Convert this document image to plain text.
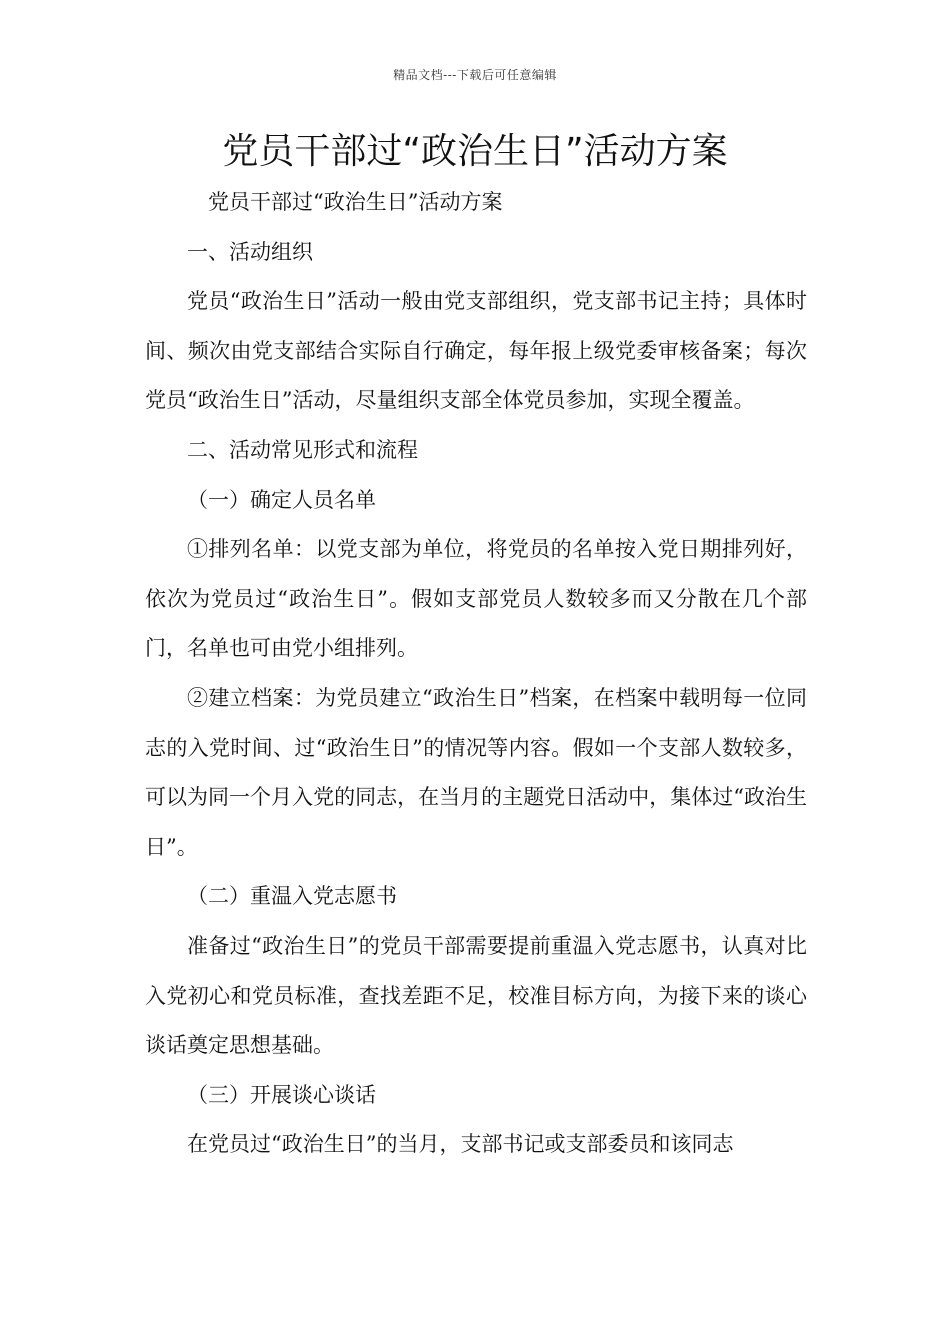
精品文档---下载后可任意编辑
党员干部过“政治生日”活动方案

党员干部过“政治生日”活动方案

一、活动组织

党员“政治生日”活动一般由党支部组织，党支部书记主持；具体时间、频次由党支部结合实际自行确定，每年报上级党委审核备案；每次党员“政治生日”活动，尽量组织支部全体党员参加，实现全覆盖。

二、活动常见形式和流程

（一）确定人员名单

①排列名单：以党支部为单位，将党员的名单按入党日期排列好，依次为党员过“政治生日”。假如支部党员人数较多而又分散在几个部门，名单也可由党小组排列。

②建立档案：为党员建立“政治生日”档案，在档案中载明每一位同志的入党时间、过“政治生日”的情况等内容。假如一个支部人数较多，可以为同一个月入党的同志，在当月的主题党日活动中，集体过“政治生日”。

（二）重温入党志愿书

准备过“政治生日”的党员干部需要提前重温入党志愿书，认真对比入党初心和党员标准，查找差距不足，校准目标方向，为接下来的谈心谈话奠定思想基础。

（三）开展谈心谈话

在党员过“政治生日”的当月，支部书记或支部委员和该同志
